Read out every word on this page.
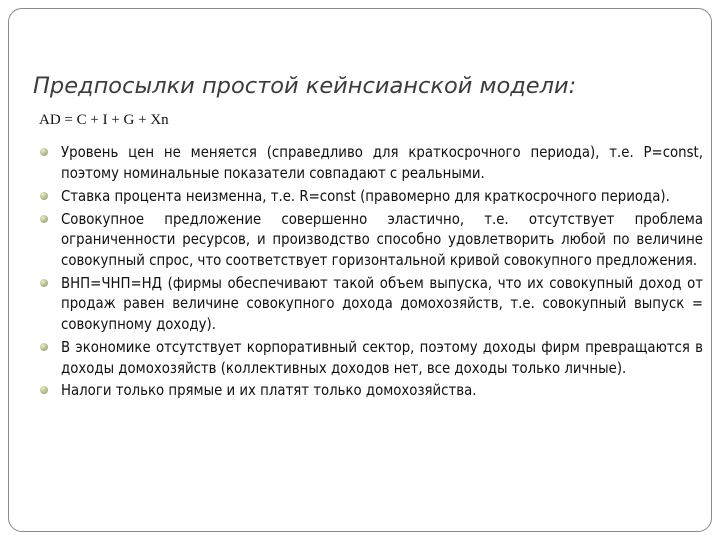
Предпосылки простой кейнсианской модели:
AD = C + I + G + Xn
Уровень цен не меняется (справедливо для краткосрочного периода), т.е. P=const, поэтому номинальные показатели совпадают с реальными.
Ставка процента неизменна, т.е. R=const (правомерно для краткосрочного периода).
Совокупное предложение совершенно эластично, т.е. отсутствует проблема ограниченности ресурсов, и производство способно удовлетворить любой по величине совокупный спрос, что соответствует горизонтальной кривой совокупного предложения.
ВНП=ЧНП=НД (фирмы обеспечивают такой объем выпуска, что их совокупный доход от продаж равен величине совокупного дохода домохозяйств, т.е. совокупный выпуск = совокупному доходу).
В экономике отсутствует корпоративный сектор, поэтому доходы фирм превращаются в доходы домохозяйств (коллективных доходов нет, все доходы только личные).
Налоги только прямые и их платят только домохозяйства.
